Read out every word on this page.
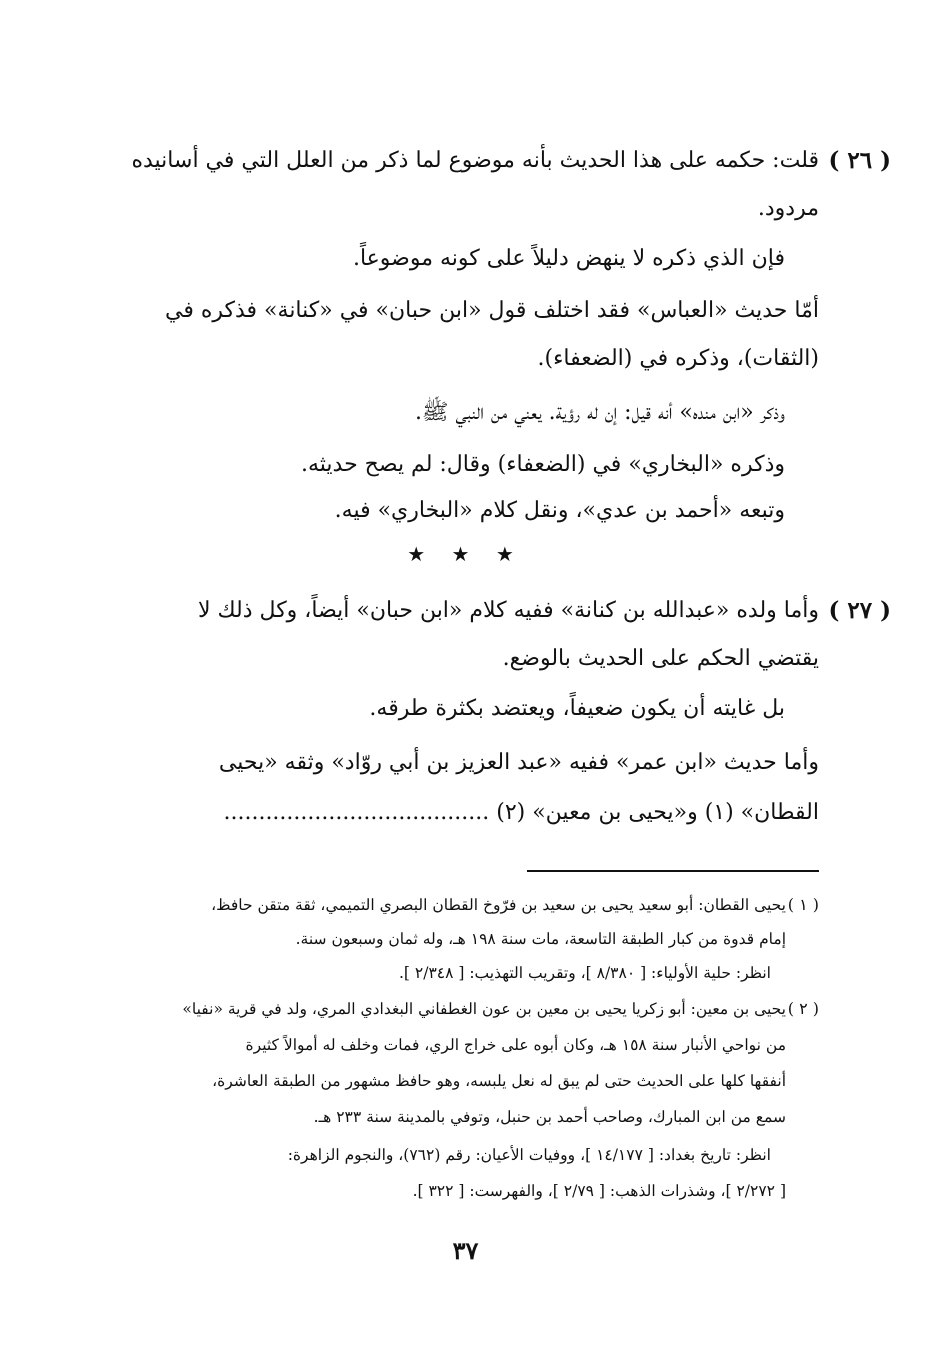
( ٢٦ )
قلت: حكمه على هذا الحديث بأنه موضوع لما ذكر من العلل التي في أسانيده
مردود.
فإن الذي ذكره لا ينهض دليلاً على كونه موضوعاً.
أمّا حديث «العباس» فقد اختلف قول «ابن حبان» في «كنانة» فذكره في
(الثقات)، وذكره في (الضعفاء).
وذكر «ابن منده» أنه قيل: إن له رؤية. يعني من النبي ﷺ.
وذكره «البخاري» في (الضعفاء) وقال: لم يصح حديثه.
وتبعه «أحمد بن عدي»، ونقل كلام «البخاري» فيه.
★ ★ ★
( ٢٧ )
وأما ولده «عبدالله بن كنانة» ففيه كلام «ابن حبان» أيضاً، وكل ذلك لا
يقتضي الحكم على الحديث بالوضع.
بل غايته أن يكون ضعيفاً، ويعتضد بكثرة طرقه.
وأما حديث «ابن عمر» ففيه «عبد العزيز بن أبي روّاد» وثقه «يحيى
القطان» (١) و«يحيى بن معين» (٢) ......................................
( ١ )
يحيى القطان: أبو سعيد يحيى بن سعيد بن فرّوخ القطان البصري التميمي، ثقة متقن حافظ،
إمام قدوة من كبار الطبقة التاسعة، مات سنة ١٩٨ هـ، وله ثمان وسبعون سنة.
انظر: حلية الأولياء: [ ٨/٣٨٠ ]، وتقريب التهذيب: [ ٢/٣٤٨ ].
( ٢ )
يحيى بن معين: أبو زكريا يحيى بن معين بن عون الغطفاني البغدادي المري، ولد في قرية «نفيا»
من نواحي الأنبار سنة ١٥٨ هـ، وكان أبوه على خراج الري، فمات وخلف له أموالاً كثيرة
أنفقها كلها على الحديث حتى لم يبق له نعل يلبسه، وهو حافظ مشهور من الطبقة العاشرة،
سمع من ابن المبارك، وصاحب أحمد بن حنبل، وتوفي بالمدينة سنة ٢٣٣ هـ.
انظر: تاريخ بغداد: [ ١٤/١٧٧ ]، ووفيات الأعيان: رقم (٧٦٢)، والنجوم الزاهرة:
[ ٢/٢٧٢ ]، وشذرات الذهب: [ ٢/٧٩ ]، والفهرست: [ ٣٢٢ ].
٣٧
